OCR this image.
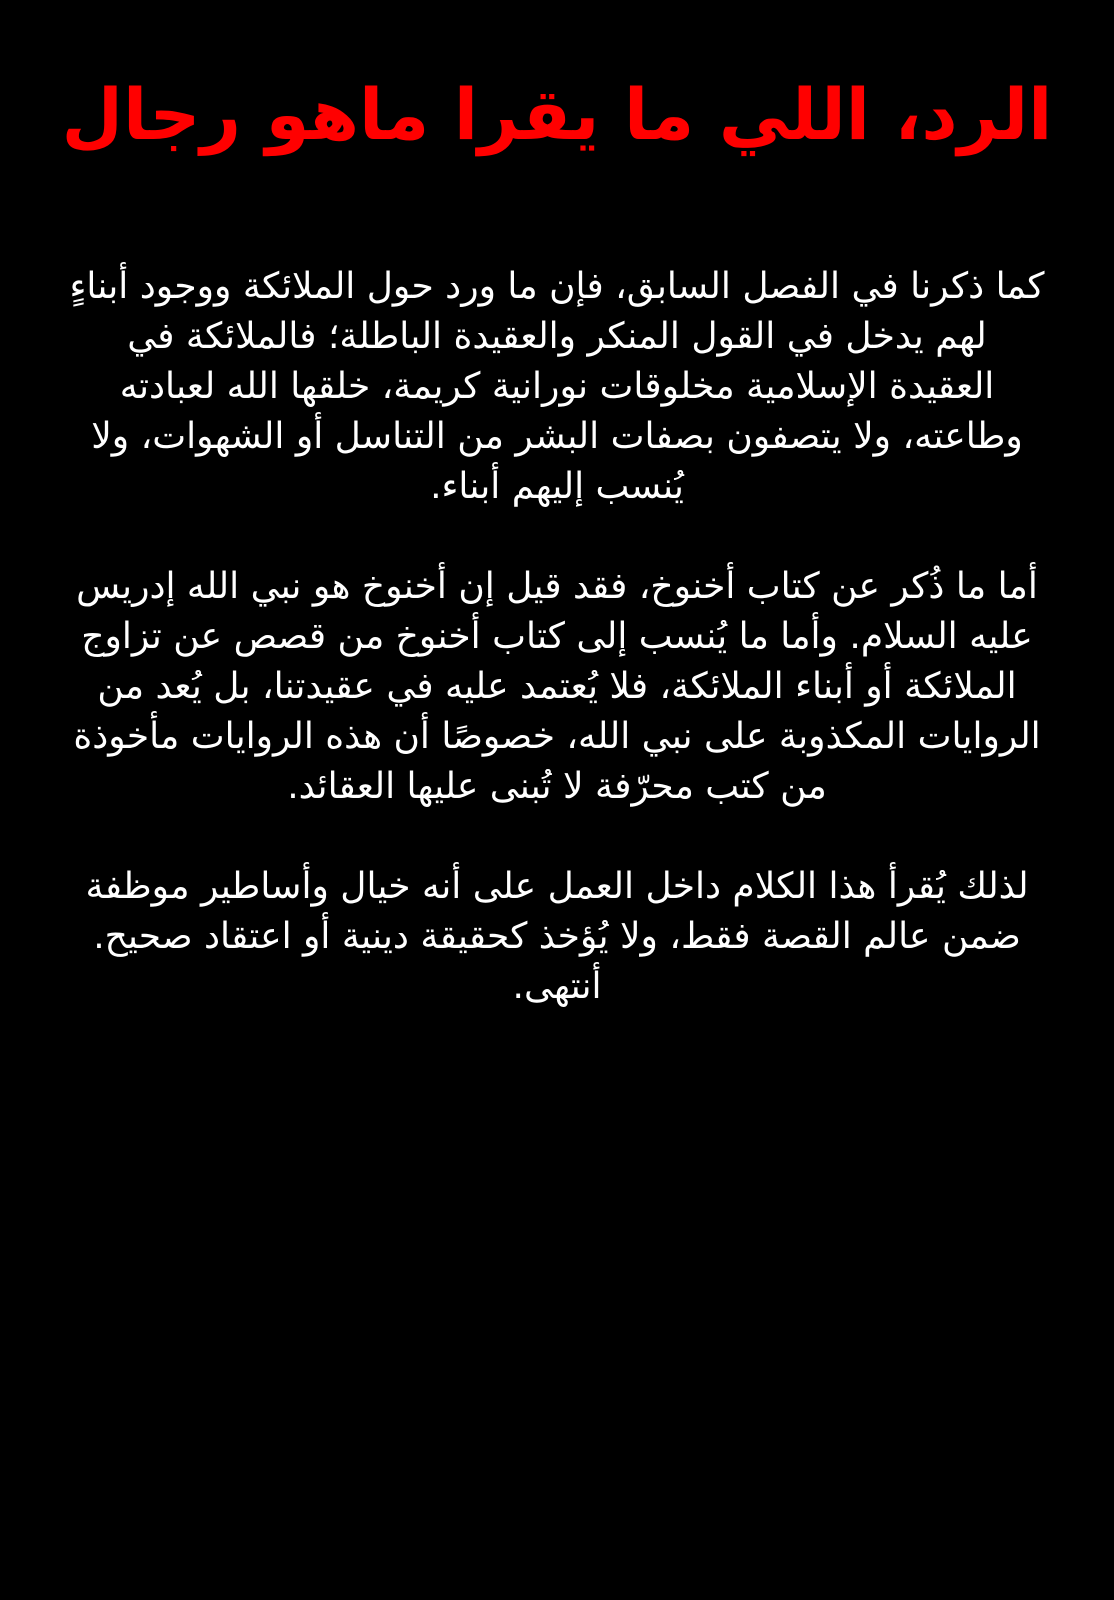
الرد، اللي ما يقرا ماهو رجال

كما ذكرنا في الفصل السابق، فإن ما ورد حول الملائكة ووجود أبناءٍ
لهم يدخل في القول المنكر والعقيدة الباطلة؛ فالملائكة في
العقيدة الإسلامية مخلوقات نورانية كريمة، خلقها الله لعبادته
وطاعته، ولا يتصفون بصفات البشر من التناسل أو الشهوات، ولا
يُنسب إليهم أبناء.

أما ما ذُكر عن كتاب أخنوخ، فقد قيل إن أخنوخ هو نبي الله إدريس
عليه السلام. وأما ما يُنسب إلى كتاب أخنوخ من قصص عن تزاوج
الملائكة أو أبناء الملائكة، فلا يُعتمد عليه في عقيدتنا، بل يُعد من
الروايات المكذوبة على نبي الله، خصوصًا أن هذه الروايات مأخوذة
من كتب محرّفة لا تُبنى عليها العقائد.

لذلك يُقرأ هذا الكلام داخل العمل على أنه خيال وأساطير موظفة
ضمن عالم القصة فقط، ولا يُؤخذ كحقيقة دينية أو اعتقاد صحيح.
أنتهى.
